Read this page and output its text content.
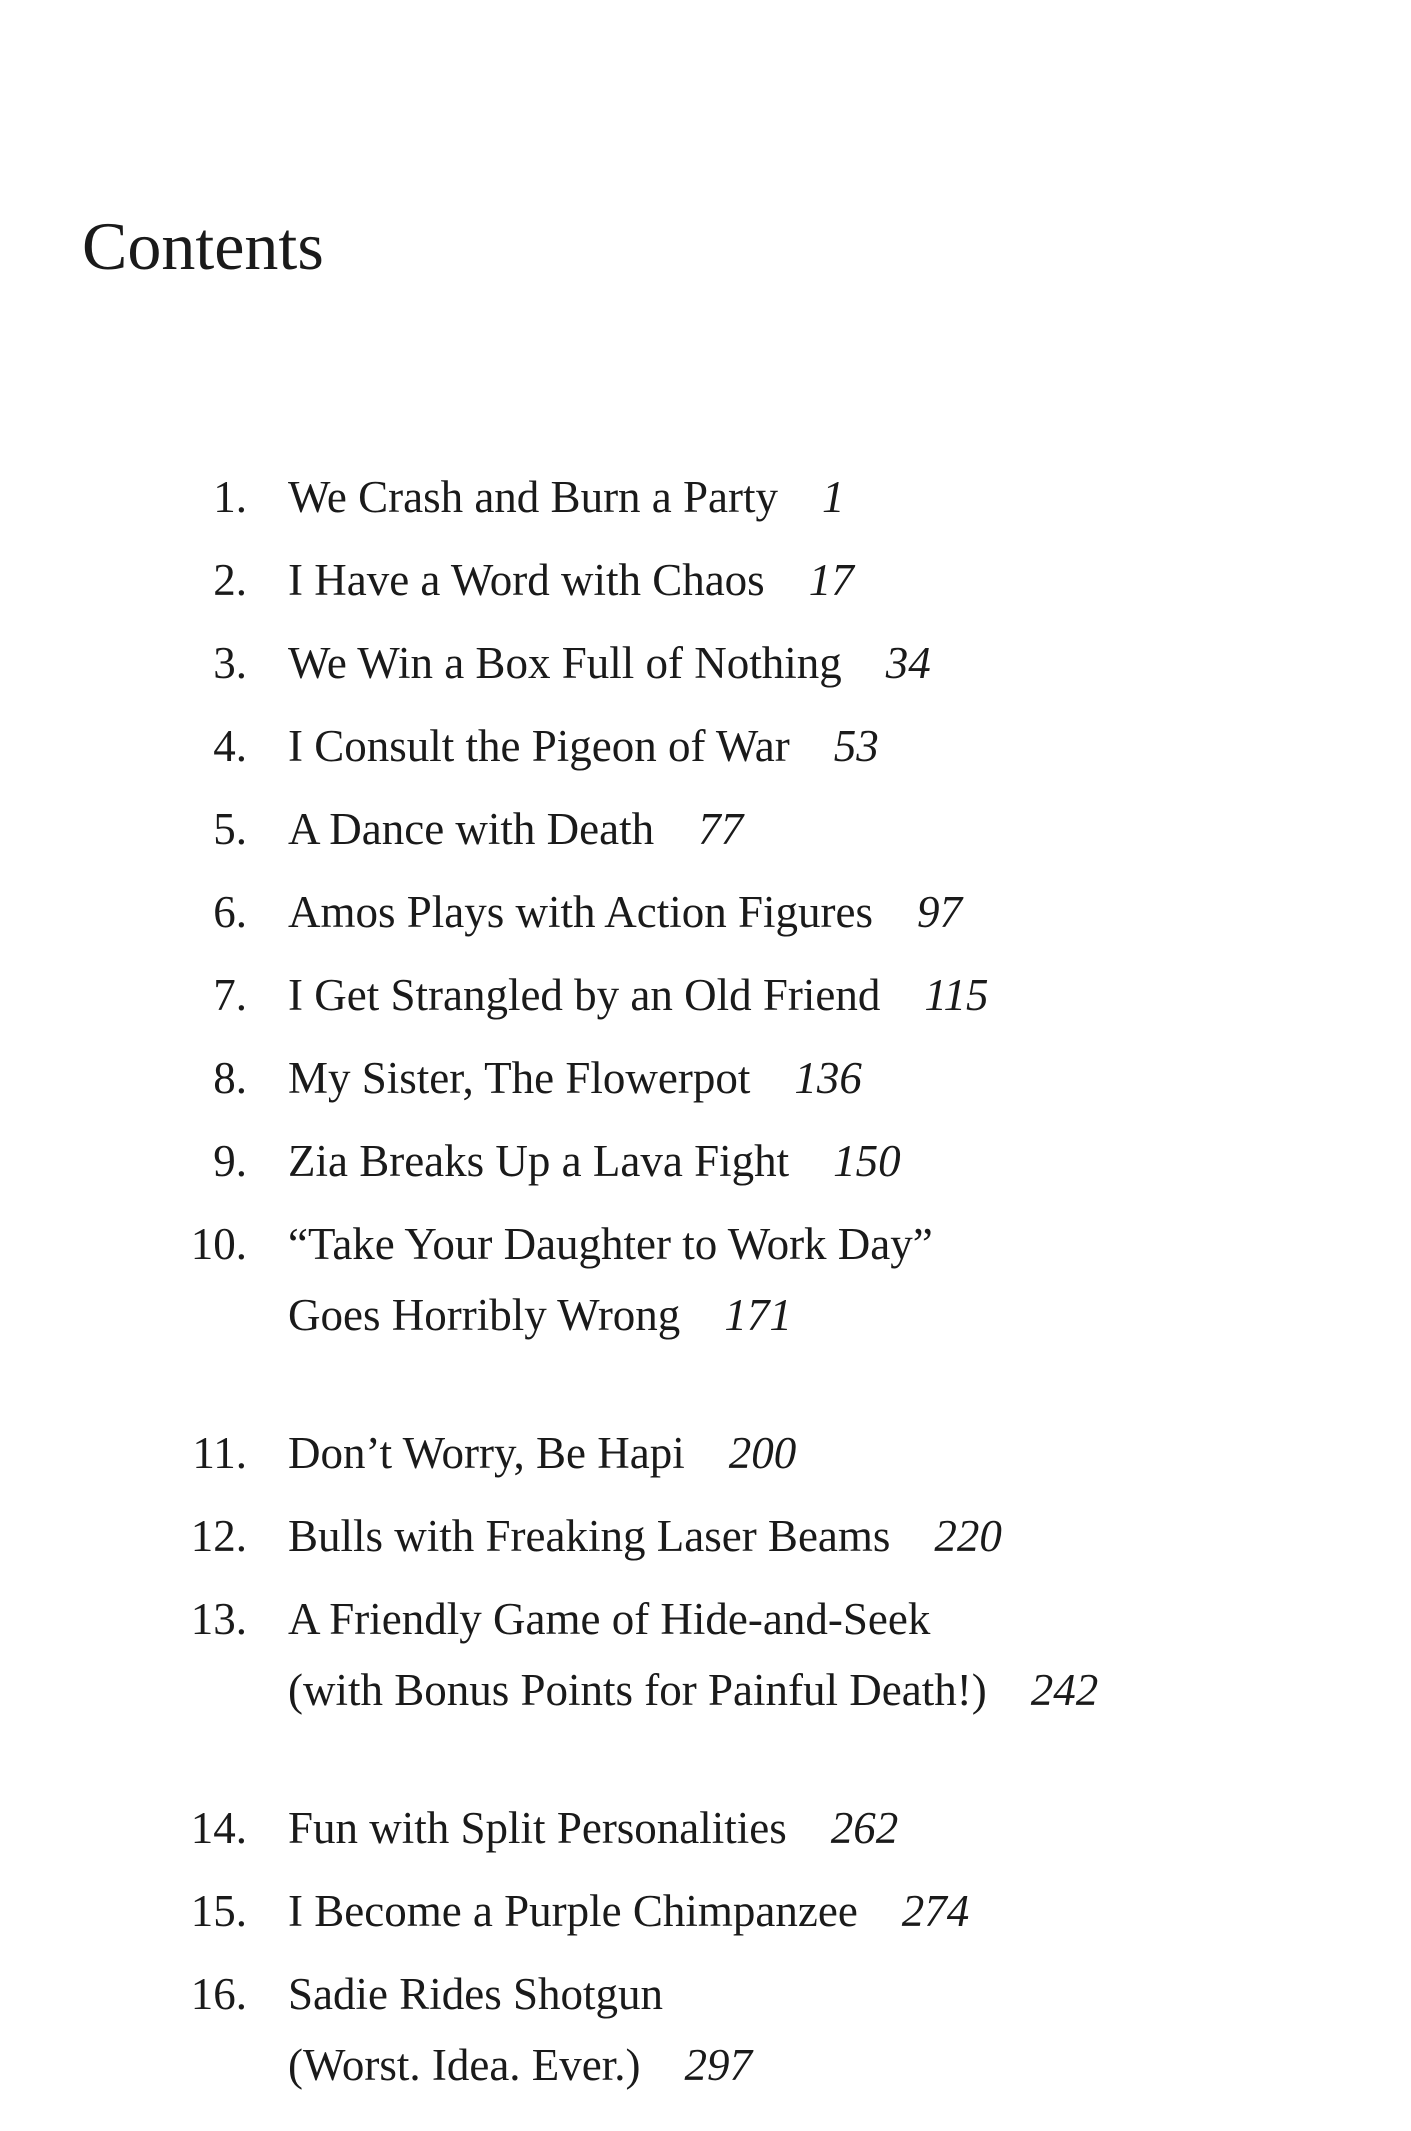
Contents
1. We Crash and Burn a Party 1
2. I Have a Word with Chaos 17
3. We Win a Box Full of Nothing 34
4. I Consult the Pigeon of War 53
5. A Dance with Death 77
6. Amos Plays with Action Figures 97
7. I Get Strangled by an Old Friend 115
8. My Sister, The Flowerpot 136
9. Zia Breaks Up a Lava Fight 150
10. “Take Your Daughter to Work Day”
Goes Horribly Wrong 171
11. Don’t Worry, Be Hapi 200
12. Bulls with Freaking Laser Beams 220
13. A Friendly Game of Hide-and-Seek
(with Bonus Points for Painful Death!) 242
14. Fun with Split Personalities 262
15. I Become a Purple Chimpanzee 274
16. Sadie Rides Shotgun
(Worst. Idea. Ever.) 297
